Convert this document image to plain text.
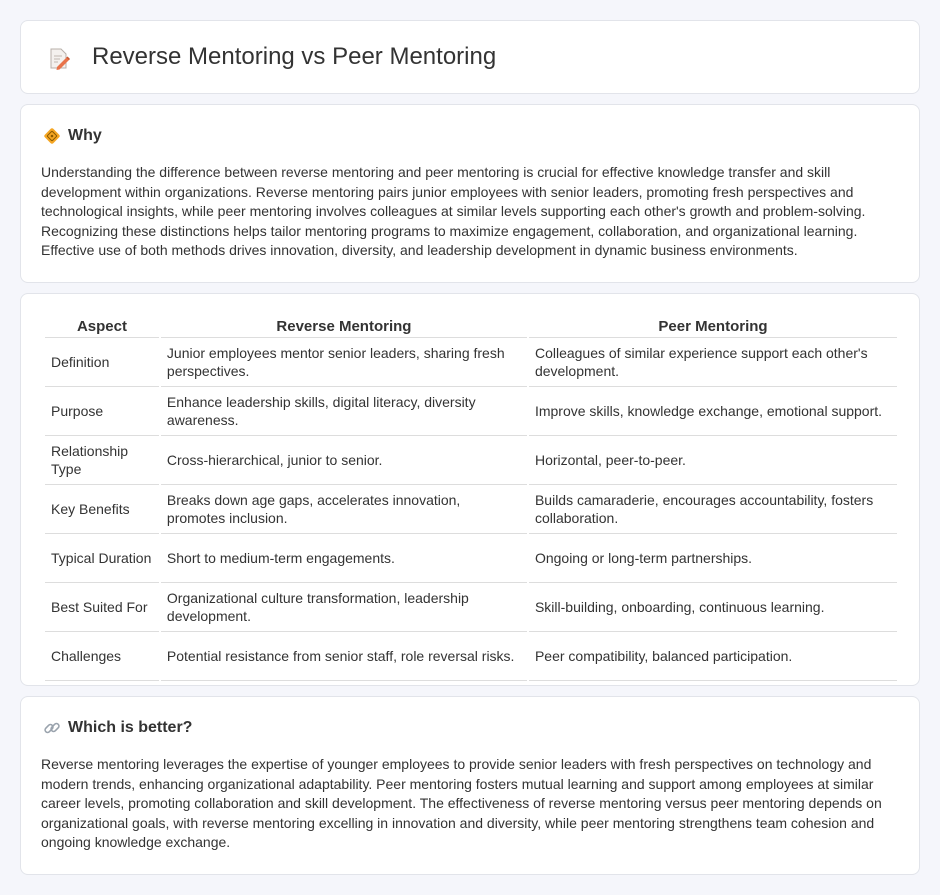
Reverse Mentoring vs Peer Mentoring
Why

Understanding the difference between reverse mentoring and peer mentoring is crucial for effective knowledge transfer and skill development within organizations. Reverse mentoring pairs junior employees with senior leaders, promoting fresh perspectives and technological insights, while peer mentoring involves colleagues at similar levels supporting each other's growth and problem-solving. Recognizing these distinctions helps tailor mentoring programs to maximize engagement, collaboration, and organizational learning. Effective use of both methods drives innovation, diversity, and leadership development in dynamic business environments.

Aspect	Reverse Mentoring	Peer Mentoring
Definition	Junior employees mentor senior leaders, sharing fresh perspectives.	Colleagues of similar experience support each other's development.
Purpose	Enhance leadership skills, digital literacy, diversity awareness.	Improve skills, knowledge exchange, emotional support.
Relationship Type	Cross-hierarchical, junior to senior.	Horizontal, peer-to-peer.
Key Benefits	Breaks down age gaps, accelerates innovation, promotes inclusion.	Builds camaraderie, encourages accountability, fosters collaboration.
Typical Duration	Short to medium-term engagements.	Ongoing or long-term partnerships.
Best Suited For	Organizational culture transformation, leadership development.	Skill-building, onboarding, continuous learning.
Challenges	Potential resistance from senior staff, role reversal risks.	Peer compatibility, balanced participation.
Which is better?

Reverse mentoring leverages the expertise of younger employees to provide senior leaders with fresh perspectives on technology and modern trends, enhancing organizational adaptability. Peer mentoring fosters mutual learning and support among employees at similar career levels, promoting collaboration and skill development. The effectiveness of reverse mentoring versus peer mentoring depends on organizational goals, with reverse mentoring excelling in innovation and diversity, while peer mentoring strengthens team cohesion and ongoing knowledge exchange.
